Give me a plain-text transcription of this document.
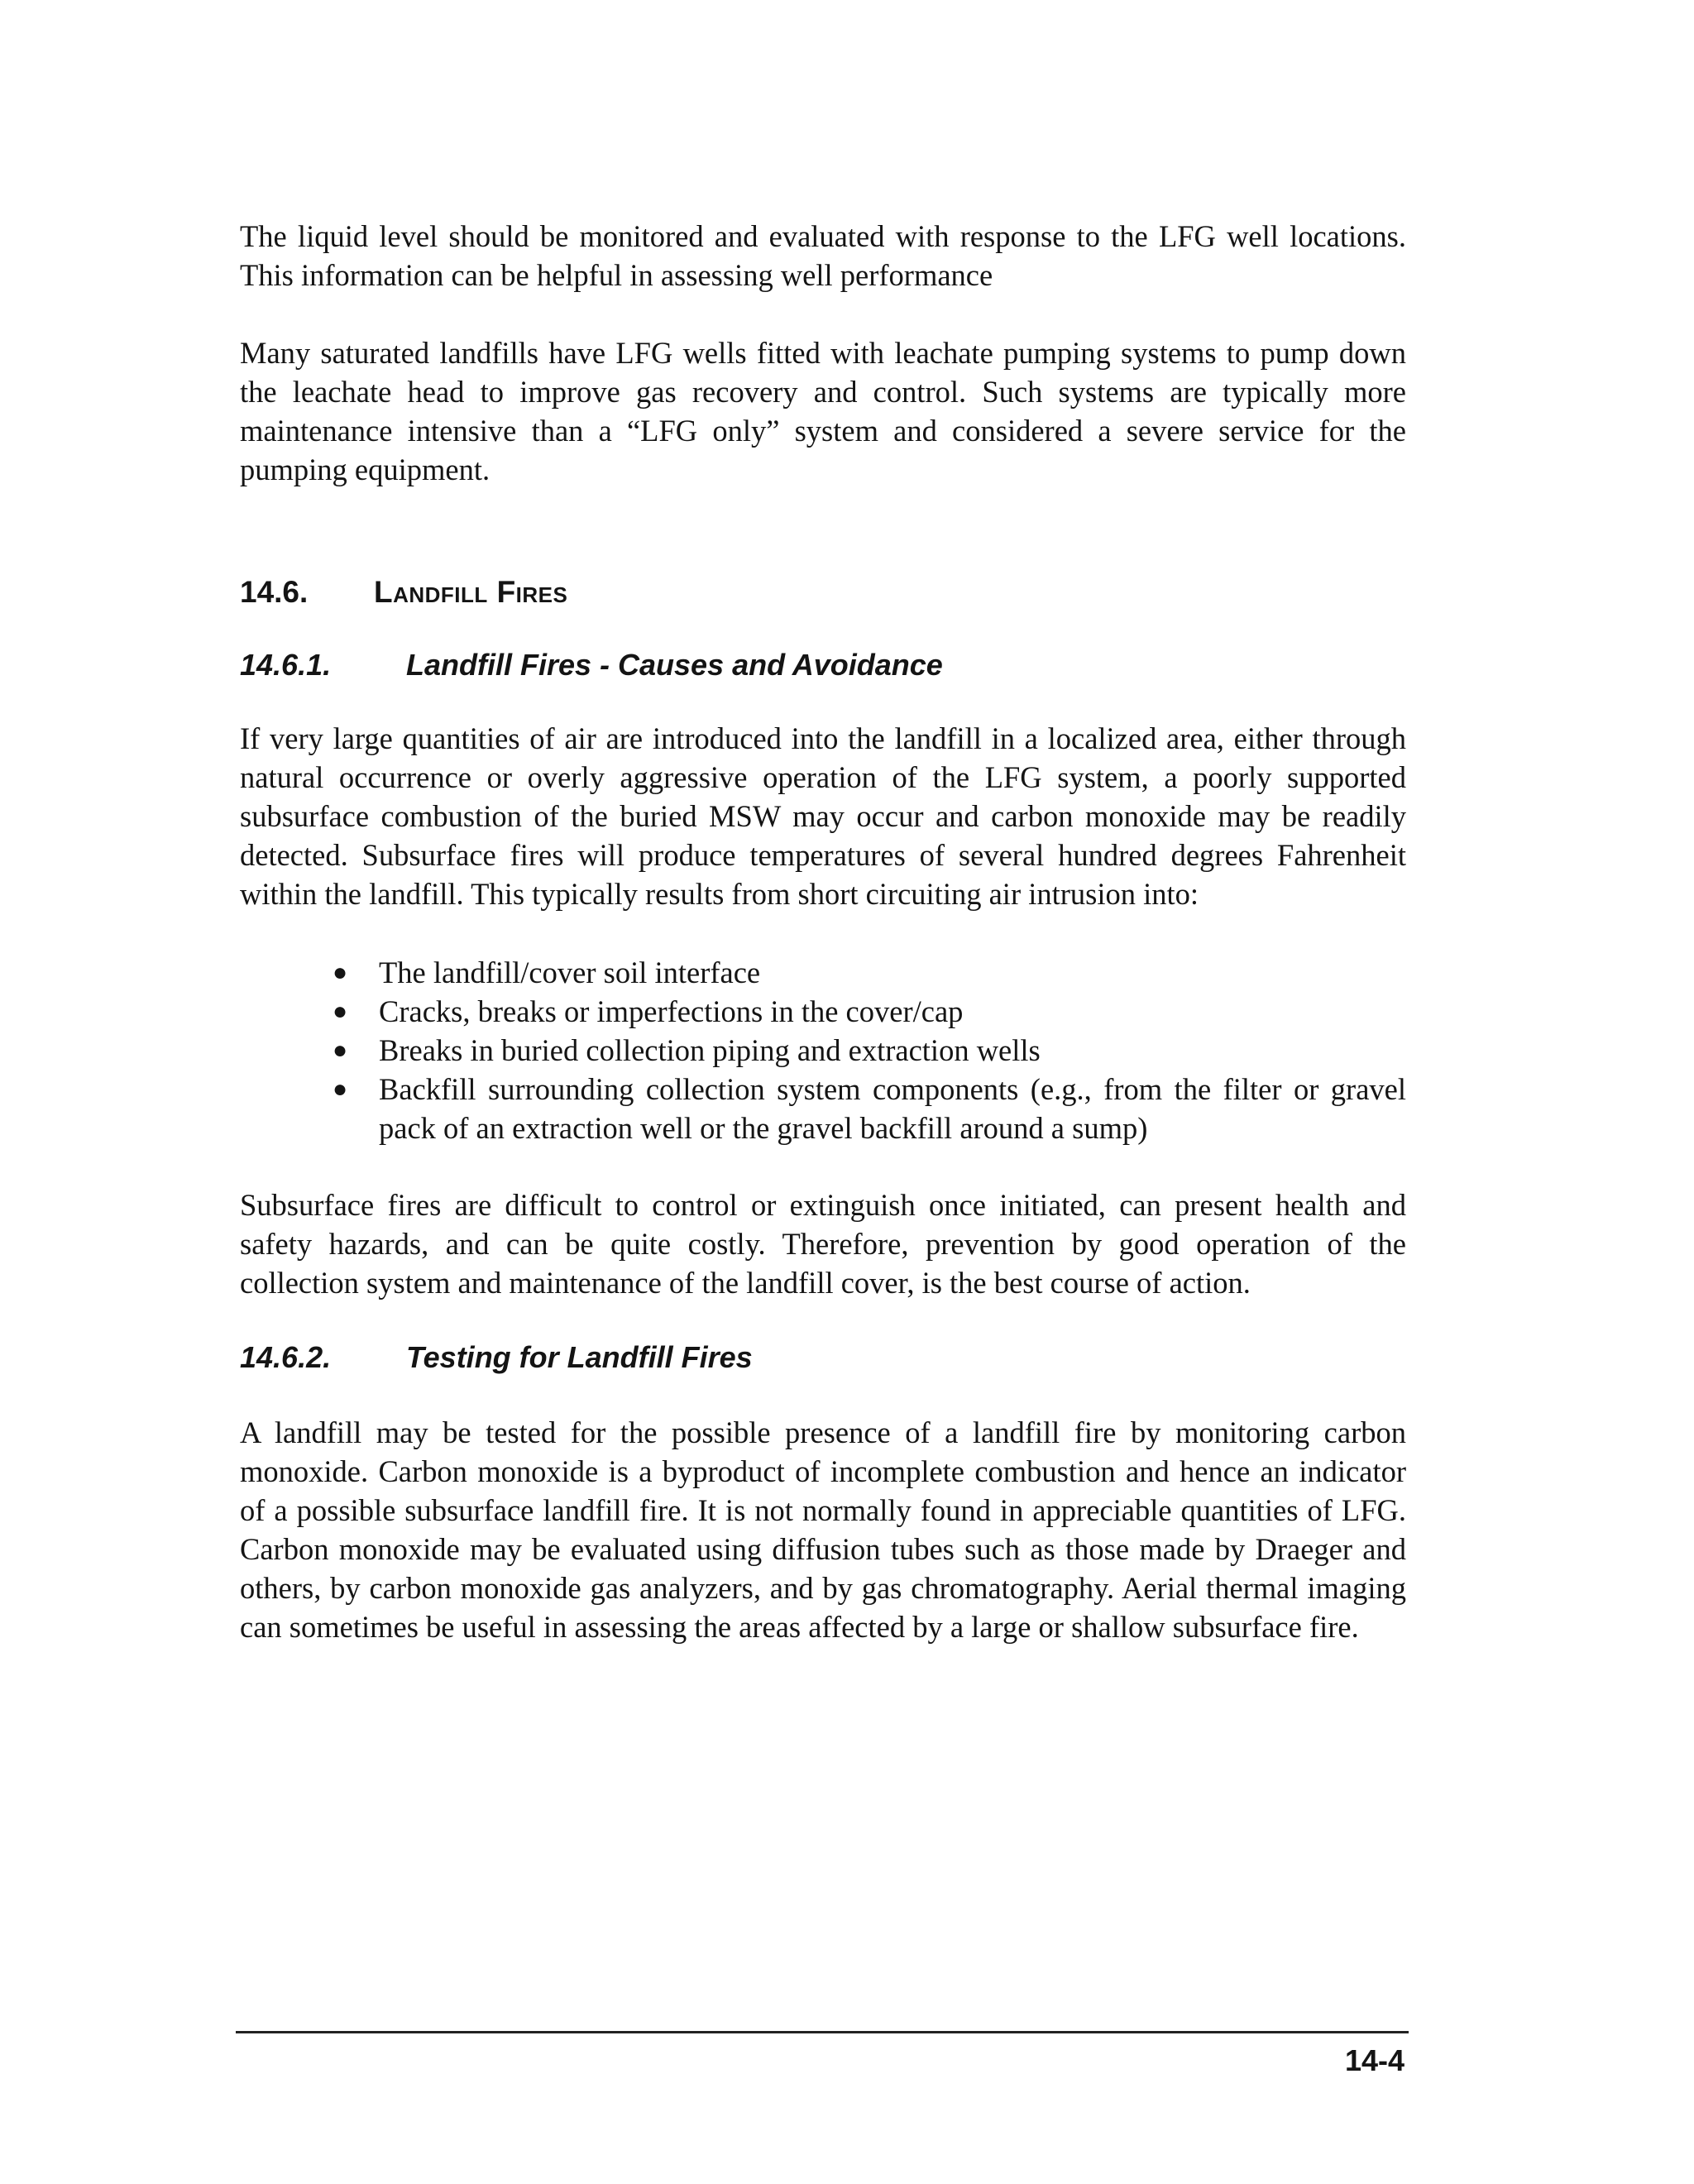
The liquid level should be monitored and evaluated with response to the LFG well locations. This information can be helpful in assessing well performance

Many saturated landfills have LFG wells fitted with leachate pumping systems to pump down the leachate head to improve gas recovery and control. Such systems are typically more maintenance intensive than a “LFG only” system and considered a severe service for the pumping equipment.

14.6.	Landfill Fires
14.6.1.	Landfill Fires - Causes and Avoidance

If very large quantities of air are introduced into the landfill in a localized area, either through natural occurrence or overly aggressive operation of the LFG system, a poorly supported subsurface combustion of the buried MSW may occur and carbon monoxide may be readily detected. Subsurface fires will produce temperatures of several hundred degrees Fahrenheit within the landfill. This typically results from short circuiting air intrusion into:

●	The landfill/cover soil interface
●	Cracks, breaks or imperfections in the cover/cap
●	Breaks in buried collection piping and extraction wells
●	Backfill surrounding collection system components (e.g., from the filter or gravel pack of an extraction well or the gravel backfill around a sump)

Subsurface fires are difficult to control or extinguish once initiated, can present health and safety hazards, and can be quite costly. Therefore, prevention by good operation of the collection system and maintenance of the landfill cover, is the best course of action.

14.6.2.	Testing for Landfill Fires

A landfill may be tested for the possible presence of a landfill fire by monitoring carbon monoxide. Carbon monoxide is a byproduct of incomplete combustion and hence an indicator of a possible subsurface landfill fire. It is not normally found in appreciable quantities of LFG. Carbon monoxide may be evaluated using diffusion tubes such as those made by Draeger and others, by carbon monoxide gas analyzers, and by gas chromatography. Aerial thermal imaging can sometimes be useful in assessing the areas affected by a large or shallow subsurface fire.

14-4
